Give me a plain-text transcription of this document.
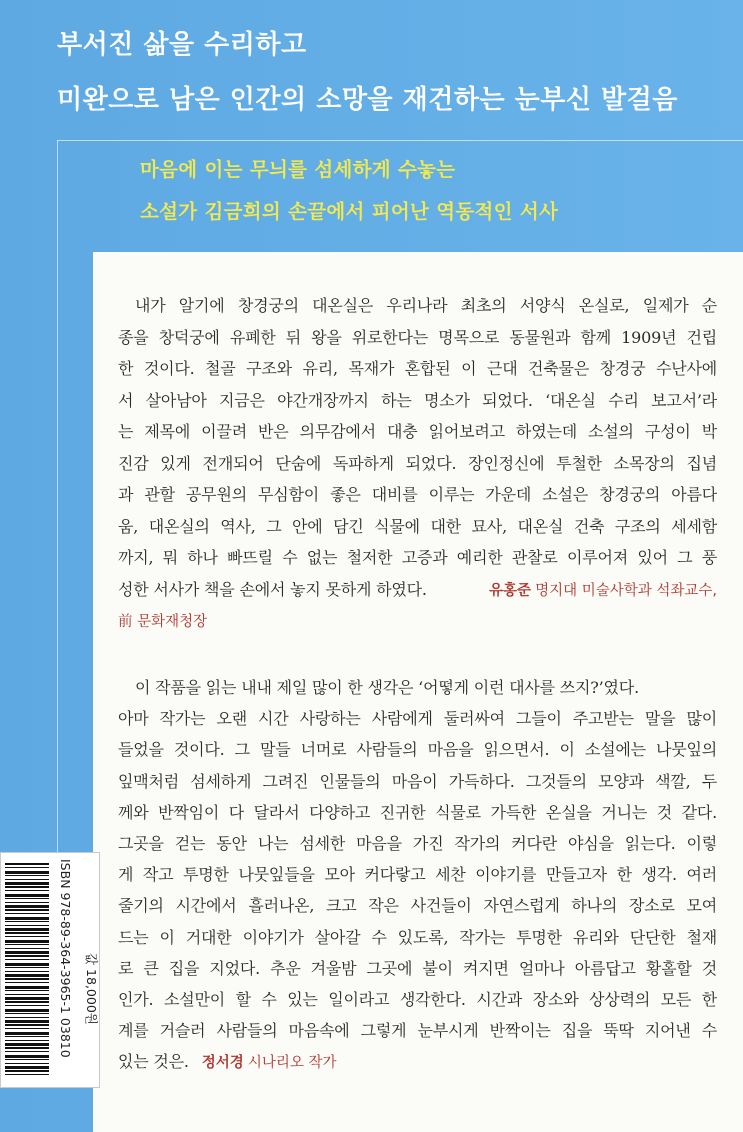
부서진 삶을 수리하고
미완으로 남은 인간의 소망을 재건하는 눈부신 발걸음
마음에 이는 무늬를 섬세하게 수놓는
소설가 김금희의 손끝에서 피어난 역동적인 서사
내가 알기에 창경궁의 대온실은 우리나라 최초의 서양식 온실로, 일제가 순
종을 창덕궁에 유폐한 뒤 왕을 위로한다는 명목으로 동물원과 함께 1909년 건립
한 것이다. 철골 구조와 유리, 목재가 혼합된 이 근대 건축물은 창경궁 수난사에
서 살아남아 지금은 야간개장까지 하는 명소가 되었다. ‘대온실 수리 보고서’라
는 제목에 이끌려 반은 의무감에서 대충 읽어보려고 하였는데 소설의 구성이 박
진감 있게 전개되어 단숨에 독파하게 되었다. 장인정신에 투철한 소목장의 집념
과 관할 공무원의 무심함이 좋은 대비를 이루는 가운데 소설은 창경궁의 아름다
움, 대온실의 역사, 그 안에 담긴 식물에 대한 묘사, 대온실 건축 구조의 세세함
까지, 뭐 하나 빠뜨릴 수 없는 철저한 고증과 예리한 관찰로 이루어져 있어 그 풍
성한 서사가 책을 손에서 놓지 못하게 하였다.	유홍준 명지대 미술사학과 석좌교수,
前 문화재청장
이 작품을 읽는 내내 제일 많이 한 생각은 ‘어떻게 이런 대사를 쓰지?’였다.
아마 작가는 오랜 시간 사랑하는 사람에게 둘러싸여 그들이 주고받는 말을 많이
들었을 것이다. 그 말들 너머로 사람들의 마음을 읽으면서. 이 소설에는 나뭇잎의
잎맥처럼 섬세하게 그려진 인물들의 마음이 가득하다. 그것들의 모양과 색깔, 두
께와 반짝임이 다 달라서 다양하고 진귀한 식물로 가득한 온실을 거니는 것 같다.
그곳을 걷는 동안 나는 섬세한 마음을 가진 작가의 커다란 야심을 읽는다. 이렇
게 작고 투명한 나뭇잎들을 모아 커다랗고 세찬 이야기를 만들고자 한 생각. 여러
줄기의 시간에서 흘러나온, 크고 작은 사건들이 자연스럽게 하나의 장소로 모여
드는 이 거대한 이야기가 살아갈 수 있도록, 작가는 투명한 유리와 단단한 철재
로 큰 집을 지었다. 추운 겨울밤 그곳에 불이 켜지면 얼마나 아름답고 황홀할 것
인가. 소설만이 할 수 있는 일이라고 생각한다. 시간과 장소와 상상력의 모든 한
계를 거슬러 사람들의 마음속에 그렇게 눈부시게 반짝이는 집을 뚝딱 지어낸 수
있는 것은. 정서경 시나리오 작가
ISBN 978-89-364-3965-1 03810 값 18,000원
